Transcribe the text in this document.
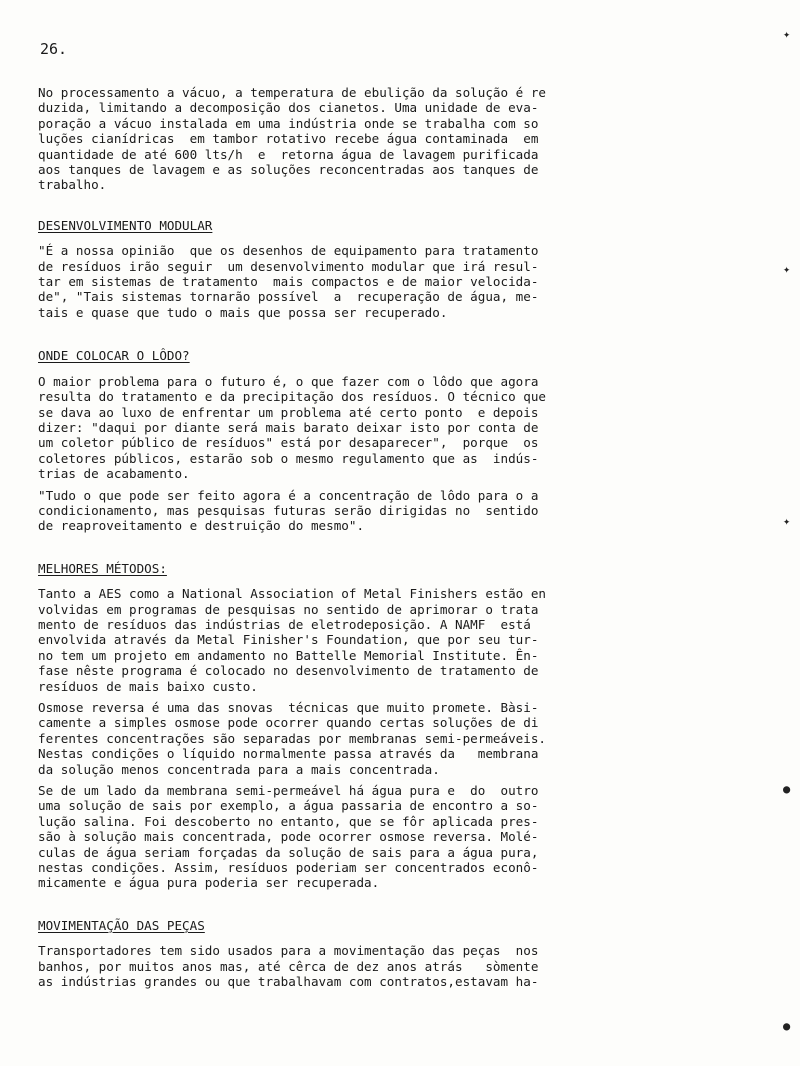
26.

No processamento a vácuo, a temperatura de ebulição da solução é re
duzida, limitando a decomposição dos cianetos. Uma unidade de eva-
poração a vácuo instalada em uma indústria onde se trabalha com so
luções cianídricas  em tambor rotativo recebe água contaminada  em
quantidade de até 600 lts/h  e  retorna água de lavagem purificada
aos tanques de lavagem e as soluções reconcentradas aos tanques de
trabalho.

DESENVOLVIMENTO MODULAR

"É a nossa opinião  que os desenhos de equipamento para tratamento
de resíduos irão seguir  um desenvolvimento modular que irá resul-
tar em sistemas de tratamento  mais compactos e de maior velocida-
de", "Tais sistemas tornarão possível  a  recuperação de água, me-
tais e quase que tudo o mais que possa ser recuperado.

ONDE COLOCAR O LÔDO?

O maior problema para o futuro é, o que fazer com o lôdo que agora
resulta do tratamento e da precipitação dos resíduos. O técnico que
se dava ao luxo de enfrentar um problema até certo ponto  e depois
dizer: "daqui por diante será mais barato deixar isto por conta de
um coletor público de resíduos" está por desaparecer",  porque  os
coletores públicos, estarão sob o mesmo regulamento que as  indús-
trias de acabamento.

"Tudo o que pode ser feito agora é a concentração de lôdo para o a
condicionamento, mas pesquisas futuras serão dirigidas no  sentido
de reaproveitamento e destruição do mesmo".

MELHORES MÉTODOS:

Tanto a AES como a National Association of Metal Finishers estão en
volvidas em programas de pesquisas no sentido de aprimorar o trata
mento de resíduos das indústrias de eletrodeposição. A NAMF  está
envolvida através da Metal Finisher's Foundation, que por seu tur-
no tem um projeto em andamento no Battelle Memorial Institute. Ên-
fase nêste programa é colocado no desenvolvimento de tratamento de
resíduos de mais baixo custo.

Osmose reversa é uma das snovas  técnicas que muito promete. Bàsi-
camente a simples osmose pode ocorrer quando certas soluções de di
ferentes concentrações são separadas por membranas semi-permeáveis.
Nestas condições o líquido normalmente passa através da   membrana
da solução menos concentrada para a mais concentrada.

Se de um lado da membrana semi-permeável há água pura e  do  outro
uma solução de sais por exemplo, a água passaria de encontro a so-
lução salina. Foi descoberto no entanto, que se fôr aplicada pres-
são à solução mais concentrada, pode ocorrer osmose reversa. Molé-
culas de água seriam forçadas da solução de sais para a água pura,
nestas condições. Assim, resíduos poderiam ser concentrados econô-
micamente e água pura poderia ser recuperada.

MOVIMENTAÇÃO DAS PEÇAS

Transportadores tem sido usados para a movimentação das peças  nos
banhos, por muitos anos mas, até cêrca de dez anos atrás   sòmente
as indústrias grandes ou que trabalhavam com contratos,estavam ha-

✦
✦
✦
●
●
